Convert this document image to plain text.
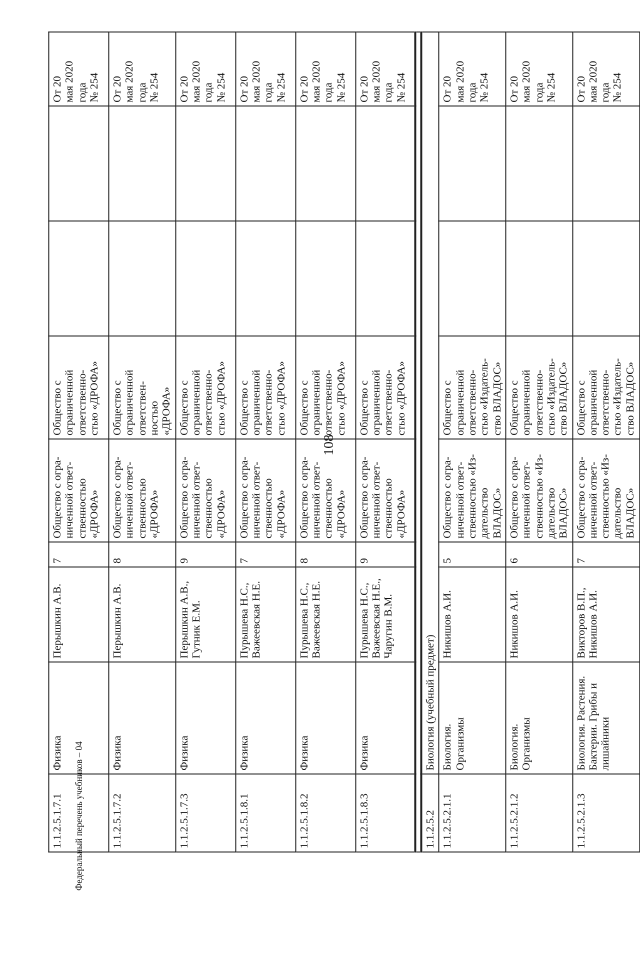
108
1.1.2.5.1.7.1	Физика	Перышкин А.В.	7	Общество с огра-
ниченной ответ-
ственностью
«ДРОФА»	Общество с
ограниченной
ответственно-
стью «ДРОФА»			От 20
мая 2020
года
№ 254
1.1.2.5.1.7.2	Физика	Перышкин А.В.	8	Общество с огра-
ниченной ответ-
ственностью
«ДРОФА»	Общество с
ограниченной
ответствен-
ностью
«ДРОФА»			От 20
мая 2020
года
№ 254
1.1.2.5.1.7.3	Физика	Перышкин А.В.,
Гутник Е.М.	9	Общество с огра-
ниченной ответ-
ственностью
«ДРОФА»	Общество с
ограниченной
ответственно-
стью «ДРОФА»			От 20
мая 2020
года
№ 254
1.1.2.5.1.8.1	Физика	Пурышева Н.С.,
Важеевская Н.Е.	7	Общество с огра-
ниченной ответ-
ственностью
«ДРОФА»	Общество с
ограниченной
ответственно-
стью «ДРОФА»			От 20
мая 2020
года
№ 254
1.1.2.5.1.8.2	Физика	Пурышева Н.С.,
Важеевская Н.Е.	8	Общество с огра-
ниченной ответ-
ственностью
«ДРОФА»	Общество с
ограниченной
ответственно-
стью «ДРОФА»			От 20
мая 2020
года
№ 254
1.1.2.5.1.8.3	Физика	Пурышева Н.С.,
Важеевская Н.Е.,
Чаругин В.М.	9	Общество с огра-
ниченной ответ-
ственностью
«ДРОФА»	Общество с
ограниченной
ответственно-
стью «ДРОФА»			От 20
мая 2020
года
№ 254

1.1.2.5.2	Биология (учебный предмет)							
1.1.2.5.2.1.1	Биология.
Организмы	Никишов А.И.	5	Общество с огра-
ниченной ответ-
ственностью «Из-
дательство
ВЛАДОС»	Общество с
ограниченной
ответственно-
стью «Издатель-
ство ВЛАДОС»			От 20
мая 2020
года
№ 254
1.1.2.5.2.1.2	Биология.
Организмы	Никишов А.И.	6	Общество с огра-
ниченной ответ-
ственностью «Из-
дательство
ВЛАДОС»	Общество с
ограниченной
ответственно-
стью «Издатель-
ство ВЛАДОС»			От 20
мая 2020
года
№ 254
1.1.2.5.2.1.3	Биология. Растения.
Бактерии. Грибы и
лишайники	Викторов В.П.,
Никишов А.И.	7	Общество с огра-
ниченной ответ-
ственностью «Из-
дательство
ВЛАДОС»	Общество с
ограниченной
ответственно-
стью «Издатель-
ство ВЛАДОС»			От 20
мая 2020
года
№ 254
Федеральный перечень учебников – 04
